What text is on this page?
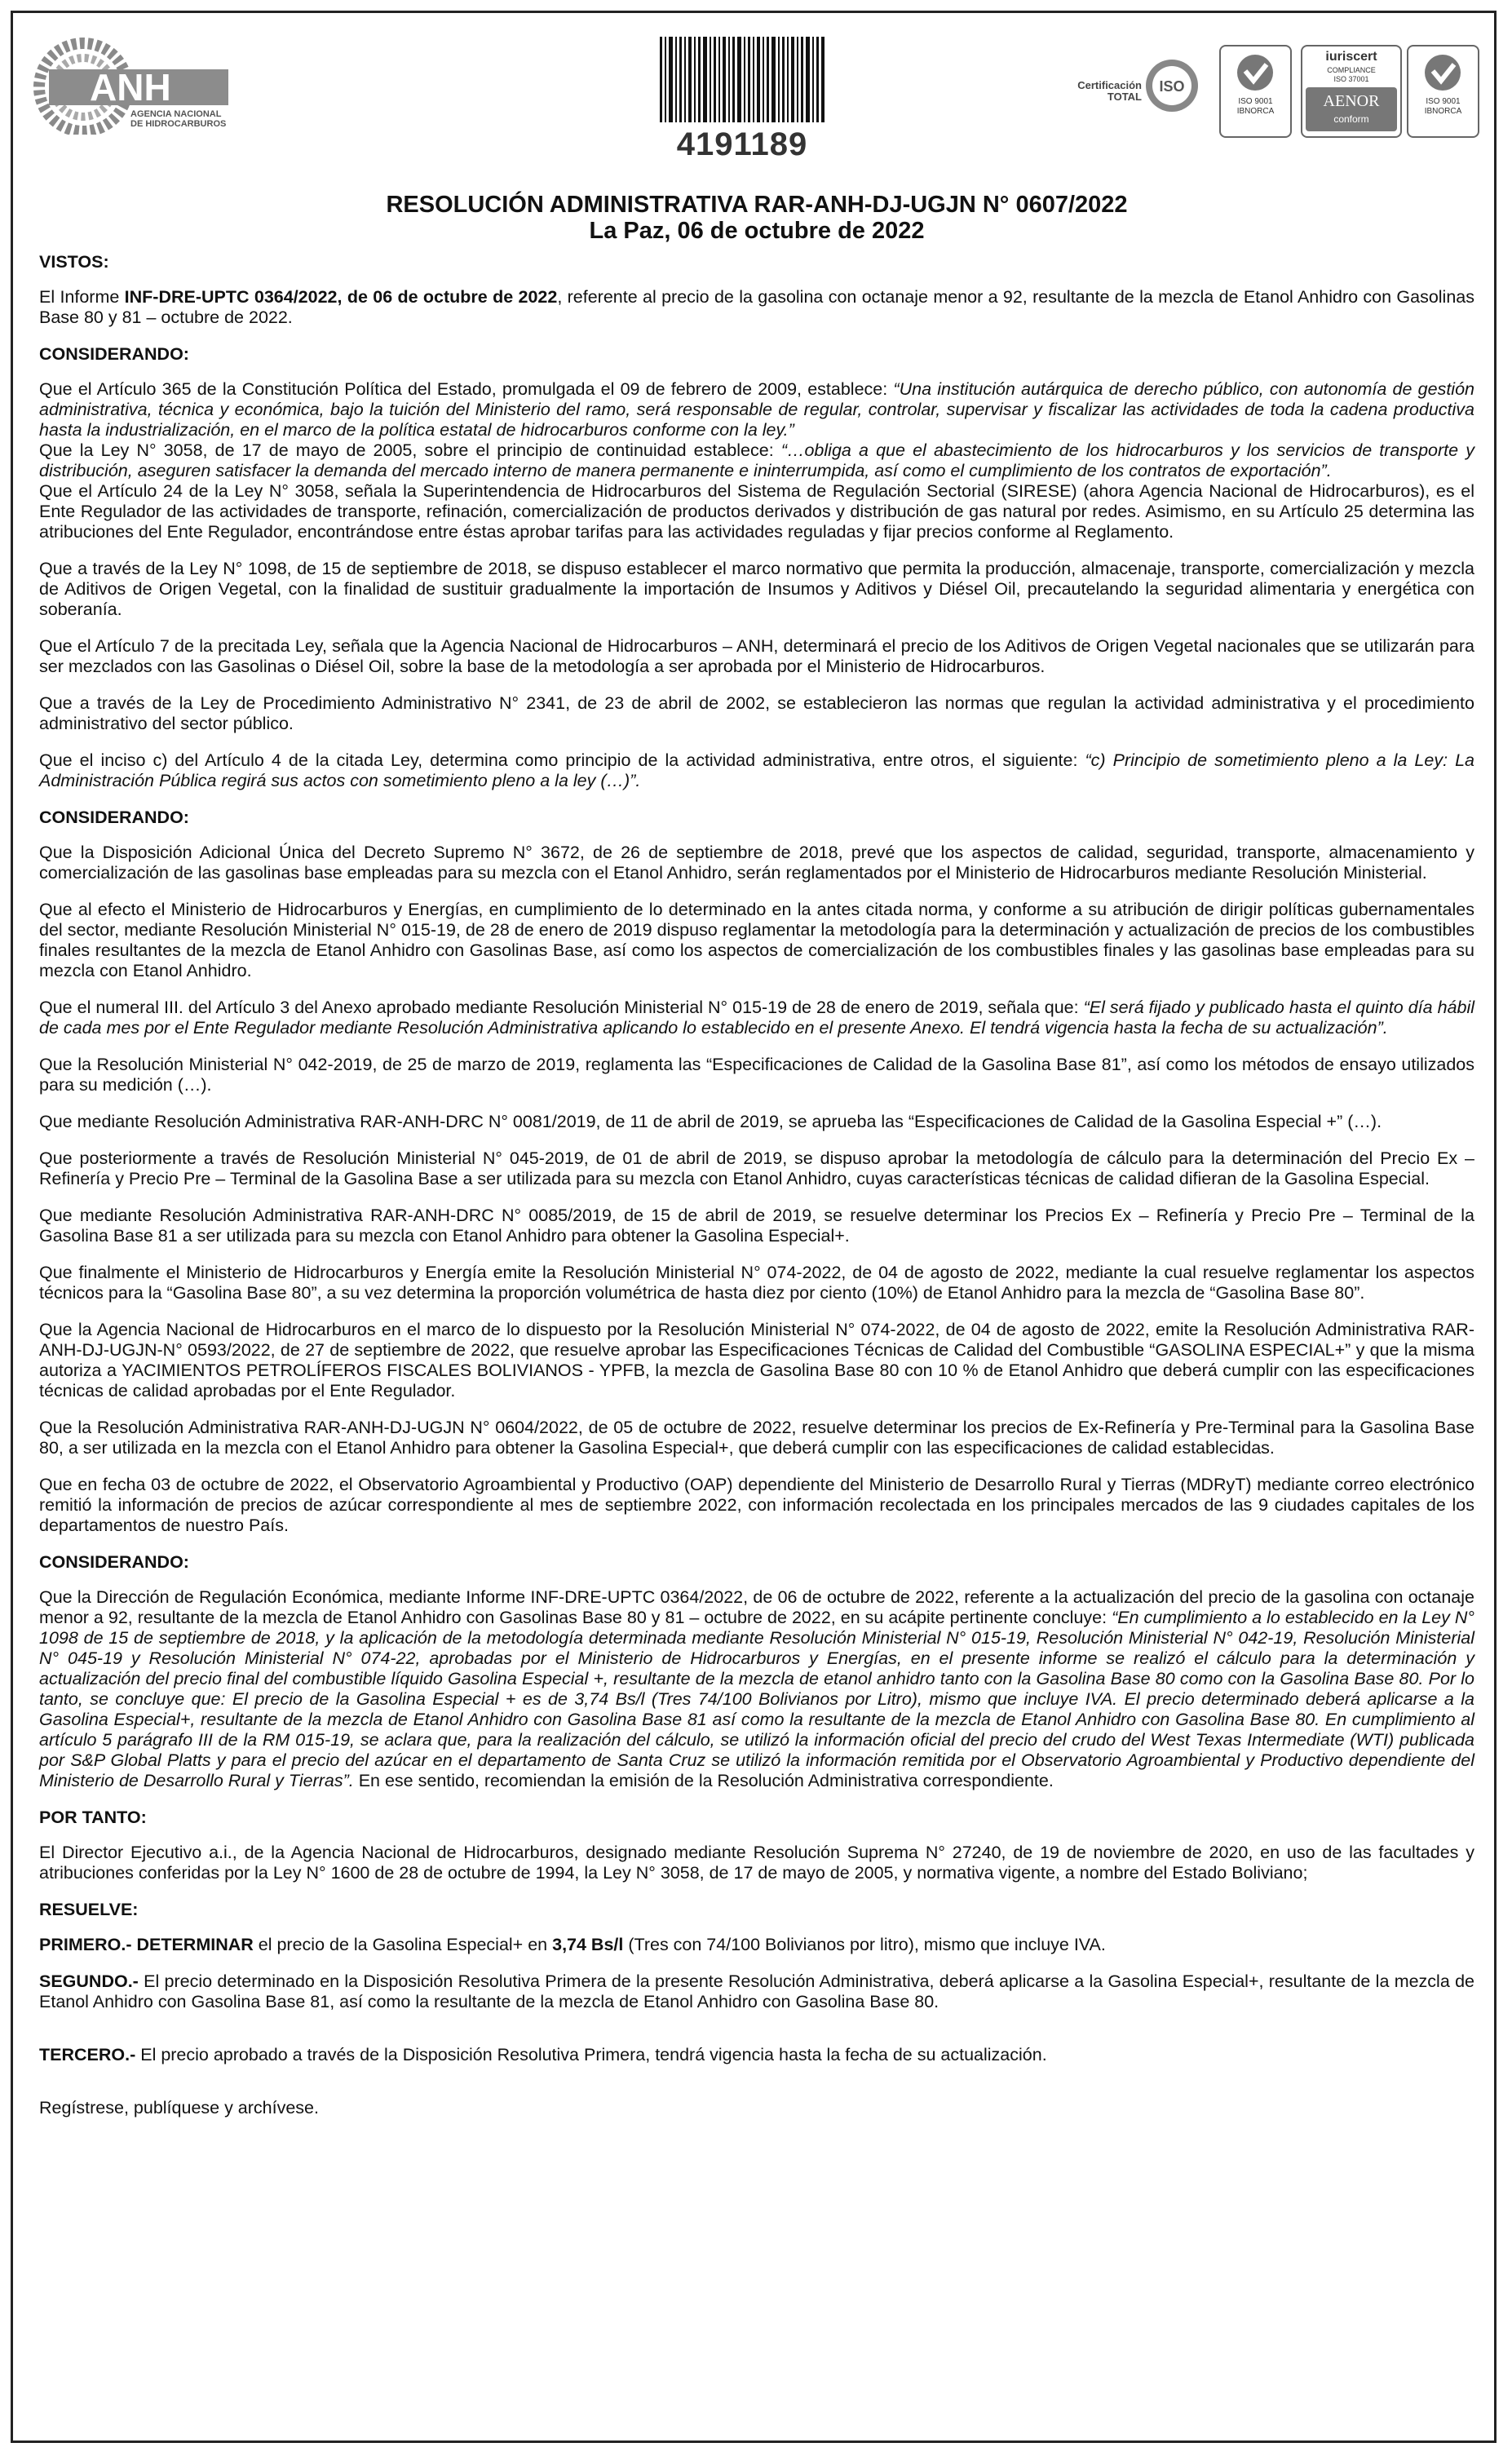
ANH
AGENCIA NACIONAL
DE HIDROCARBUROS
4191189
Certificación TOTAL
ISO
ISO 9001 IBNORCA
iuriscert
COMPLIANCE
ISO 37001
AENOR
conform
ISO 9001 IBNORCA
RESOLUCIÓN ADMINISTRATIVA RAR-ANH-DJ-UGJN N° 0607/2022
La Paz, 06 de octubre de 2022
VISTOS:

El Informe INF-DRE-UPTC 0364/2022, de 06 de octubre de 2022, referente al precio de la gasolina con octanaje menor a 92, resultante de la mezcla de Etanol Anhidro con Gasolinas Base 80 y 81 – octubre de 2022.

CONSIDERANDO:

Que el Artículo 365 de la Constitución Política del Estado, promulgada el 09 de febrero de 2009, establece: “Una institución autárquica de derecho público, con autonomía de gestión administrativa, técnica y económica, bajo la tuición del Ministerio del ramo, será responsable de regular, controlar, supervisar y fiscalizar las actividades de toda la cadena productiva hasta la industrialización, en el marco de la política estatal de hidrocarburos conforme con la ley.”

Que la Ley N° 3058, de 17 de mayo de 2005, sobre el principio de continuidad establece: “…obliga a que el abastecimiento de los hidrocarburos y los servicios de transporte y distribución, aseguren satisfacer la demanda del mercado interno de manera permanente e ininterrumpida, así como el cumplimiento de los contratos de exportación”.

Que el Artículo 24 de la Ley N° 3058, señala la Superintendencia de Hidrocarburos del Sistema de Regulación Sectorial (SIRESE) (ahora Agencia Nacional de Hidrocarburos), es el Ente Regulador de las actividades de transporte, refinación, comercialización de productos derivados y distribución de gas natural por redes. Asimismo, en su Artículo 25 determina las atribuciones del Ente Regulador, encontrándose entre éstas aprobar tarifas para las actividades reguladas y fijar precios conforme al Reglamento.

Que a través de la Ley N° 1098, de 15 de septiembre de 2018, se dispuso establecer el marco normativo que permita la producción, almacenaje, transporte, comercialización y mezcla de Aditivos de Origen Vegetal, con la finalidad de sustituir gradualmente la importación de Insumos y Aditivos y Diésel Oil, precautelando la seguridad alimentaria y energética con soberanía.

Que el Artículo 7 de la precitada Ley, señala que la Agencia Nacional de Hidrocarburos – ANH, determinará el precio de los Aditivos de Origen Vegetal nacionales que se utilizarán para ser mezclados con las Gasolinas o Diésel Oil, sobre la base de la metodología a ser aprobada por el Ministerio de Hidrocarburos.

Que a través de la Ley de Procedimiento Administrativo N° 2341, de 23 de abril de 2002, se establecieron las normas que regulan la actividad administrativa y el procedimiento administrativo del sector público.

Que el inciso c) del Artículo 4 de la citada Ley, determina como principio de la actividad administrativa, entre otros, el siguiente: “c) Principio de sometimiento pleno a la Ley: La Administración Pública regirá sus actos con sometimiento pleno a la ley (…)”.

CONSIDERANDO:

Que la Disposición Adicional Única del Decreto Supremo N° 3672, de 26 de septiembre de 2018, prevé que los aspectos de calidad, seguridad, transporte, almacenamiento y comercialización de las gasolinas base empleadas para su mezcla con el Etanol Anhidro, serán reglamentados por el Ministerio de Hidrocarburos mediante Resolución Ministerial.

Que al efecto el Ministerio de Hidrocarburos y Energías, en cumplimiento de lo determinado en la antes citada norma, y conforme a su atribución de dirigir políticas gubernamentales del sector, mediante Resolución Ministerial N° 015-19, de 28 de enero de 2019 dispuso reglamentar la metodología para la determinación y actualización de precios de los combustibles finales resultantes de la mezcla de Etanol Anhidro con Gasolinas Base, así como los aspectos de comercialización de los combustibles finales y las gasolinas base empleadas para su mezcla con Etanol Anhidro.

Que el numeral III. del Artículo 3 del Anexo aprobado mediante Resolución Ministerial N° 015-19 de 28 de enero de 2019, señala que: “El será fijado y publicado hasta el quinto día hábil de cada mes por el Ente Regulador mediante Resolución Administrativa aplicando lo establecido en el presente Anexo. El tendrá vigencia hasta la fecha de su actualización”.

Que la Resolución Ministerial N° 042-2019, de 25 de marzo de 2019, reglamenta las “Especificaciones de Calidad de la Gasolina Base 81”, así como los métodos de ensayo utilizados para su medición (…).

Que mediante Resolución Administrativa RAR-ANH-DRC N° 0081/2019, de 11 de abril de 2019, se aprueba las “Especificaciones de Calidad de la Gasolina Especial +” (…).

Que posteriormente a través de Resolución Ministerial N° 045-2019, de 01 de abril de 2019, se dispuso aprobar la metodología de cálculo para la determinación del Precio Ex – Refinería y Precio Pre – Terminal de la Gasolina Base a ser utilizada para su mezcla con Etanol Anhidro, cuyas características técnicas de calidad difieran de la Gasolina Especial.

Que mediante Resolución Administrativa RAR-ANH-DRC N° 0085/2019, de 15 de abril de 2019, se resuelve determinar los Precios Ex – Refinería y Precio Pre – Terminal de la Gasolina Base 81 a ser utilizada para su mezcla con Etanol Anhidro para obtener la Gasolina Especial+.

Que finalmente el Ministerio de Hidrocarburos y Energía emite la Resolución Ministerial N° 074-2022, de 04 de agosto de 2022, mediante la cual resuelve reglamentar los aspectos técnicos para la “Gasolina Base 80”, a su vez determina la proporción volumétrica de hasta diez por ciento (10%) de Etanol Anhidro para la mezcla de “Gasolina Base 80”.

Que la Agencia Nacional de Hidrocarburos en el marco de lo dispuesto por la Resolución Ministerial N° 074-2022, de 04 de agosto de 2022, emite la Resolución Administrativa RAR-ANH-DJ-UGJN-N° 0593/2022, de 27 de septiembre de 2022, que resuelve aprobar las Especificaciones Técnicas de Calidad del Combustible “GASOLINA ESPECIAL+” y que la misma autoriza a YACIMIENTOS PETROLÍFEROS FISCALES BOLIVIANOS - YPFB, la mezcla de Gasolina Base 80 con 10 % de Etanol Anhidro que deberá cumplir con las especificaciones técnicas de calidad aprobadas por el Ente Regulador.

Que la Resolución Administrativa RAR-ANH-DJ-UGJN N° 0604/2022, de 05 de octubre de 2022, resuelve determinar los precios de Ex-Refinería y Pre-Terminal para la Gasolina Base 80, a ser utilizada en la mezcla con el Etanol Anhidro para obtener la Gasolina Especial+, que deberá cumplir con las especificaciones de calidad establecidas.

Que en fecha 03 de octubre de 2022, el Observatorio Agroambiental y Productivo (OAP) dependiente del Ministerio de Desarrollo Rural y Tierras (MDRyT) mediante correo electrónico remitió la información de precios de azúcar correspondiente al mes de septiembre 2022, con información recolectada en los principales mercados de las 9 ciudades capitales de los departamentos de nuestro País.

CONSIDERANDO:

Que la Dirección de Regulación Económica, mediante Informe INF-DRE-UPTC 0364/2022, de 06 de octubre de 2022, referente a la actualización del precio de la gasolina con octanaje menor a 92, resultante de la mezcla de Etanol Anhidro con Gasolinas Base 80 y 81 – octubre de 2022, en su acápite pertinente concluye: “En cumplimiento a lo establecido en la Ley N° 1098 de 15 de septiembre de 2018, y la aplicación de la metodología determinada mediante Resolución Ministerial N° 015-19, Resolución Ministerial N° 042-19, Resolución Ministerial N° 045-19 y Resolución Ministerial N° 074-22, aprobadas por el Ministerio de Hidrocarburos y Energías, en el presente informe se realizó el cálculo para la determinación y actualización del precio final del combustible líquido Gasolina Especial +, resultante de la mezcla de etanol anhidro tanto con la Gasolina Base 80 como con la Gasolina Base 80. Por lo tanto, se concluye que: El precio de la Gasolina Especial + es de 3,74 Bs/l (Tres 74/100 Bolivianos por Litro), mismo que incluye IVA. El precio determinado deberá aplicarse a la Gasolina Especial+, resultante de la mezcla de Etanol Anhidro con Gasolina Base 81 así como la resultante de la mezcla de Etanol Anhidro con Gasolina Base 80. En cumplimiento al artículo 5 parágrafo III de la RM 015-19, se aclara que, para la realización del cálculo, se utilizó la información oficial del precio del crudo del West Texas Intermediate (WTI) publicada por S&P Global Platts y para el precio del azúcar en el departamento de Santa Cruz se utilizó la información remitida por el Observatorio Agroambiental y Productivo dependiente del Ministerio de Desarrollo Rural y Tierras”. En ese sentido, recomiendan la emisión de la Resolución Administrativa correspondiente.

POR TANTO:

El Director Ejecutivo a.i., de la Agencia Nacional de Hidrocarburos, designado mediante Resolución Suprema N° 27240, de 19 de noviembre de 2020, en uso de las facultades y atribuciones conferidas por la Ley N° 1600 de 28 de octubre de 1994, la Ley N° 3058, de 17 de mayo de 2005, y normativa vigente, a nombre del Estado Boliviano;

RESUELVE:

PRIMERO.- DETERMINAR el precio de la Gasolina Especial+ en 3,74 Bs/l (Tres con 74/100 Bolivianos por litro), mismo que incluye IVA.

SEGUNDO.- El precio determinado en la Disposición Resolutiva Primera de la presente Resolución Administrativa, deberá aplicarse a la Gasolina Especial+, resultante de la mezcla de Etanol Anhidro con Gasolina Base 81, así como la resultante de la mezcla de Etanol Anhidro con Gasolina Base 80.

TERCERO.- El precio aprobado a través de la Disposición Resolutiva Primera, tendrá vigencia hasta la fecha de su actualización.

Regístrese, publíquese y archívese.
